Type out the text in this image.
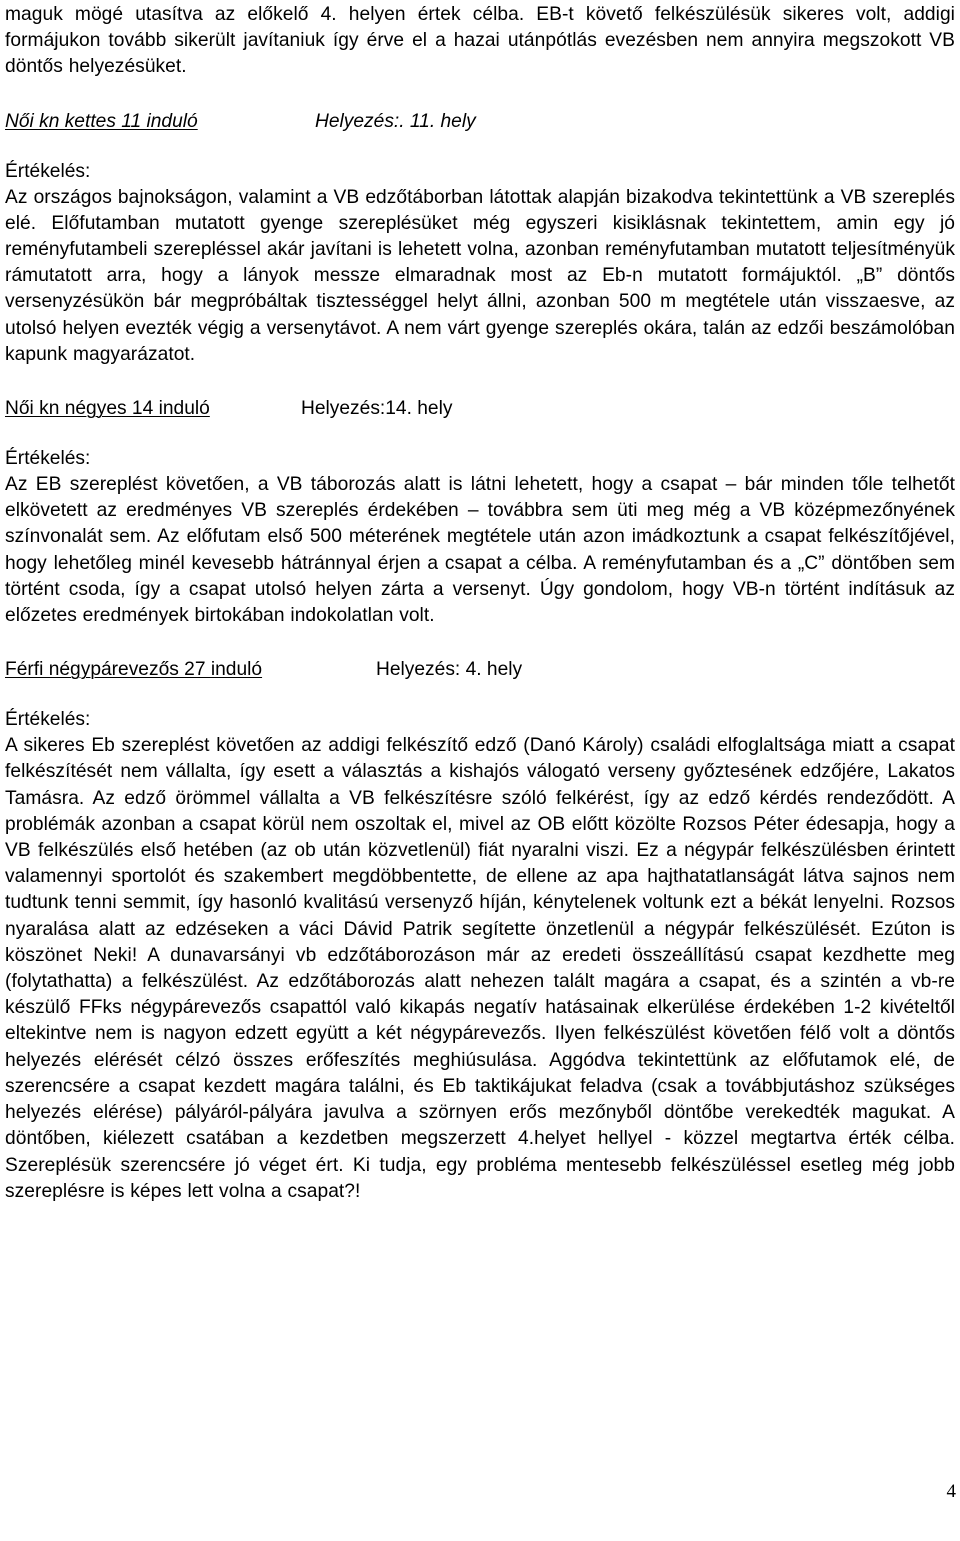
maguk mögé utasítva az előkelő 4. helyen értek célba. EB-t követő felkészülésük sikeres volt, addigi formájukon tovább sikerült javítaniuk így érve el a hazai utánpótlás evezésben nem annyira megszokott VB döntős helyezésüket.

Női kn kettes 11 induló	Helyezés:. 11. hely

Értékelés:

Az országos bajnokságon, valamint a VB edzőtáborban látottak alapján bizakodva tekintettünk a VB szereplés elé. Előfutamban mutatott gyenge szereplésüket még egyszeri kisiklásnak tekintettem, amin egy jó reményfutambeli szerepléssel akár javítani is lehetett volna, azonban reményfutamban mutatott teljesítményük rámutatott arra, hogy a lányok messze elmaradnak most az Eb-n mutatott formájuktól. „B” döntős versenyzésükön bár megpróbáltak tisztességgel helyt állni, azonban 500 m megtétele után visszaesve, az utolsó helyen evezték végig a versenytávot. A nem várt gyenge szereplés okára, talán az edzői beszámolóban kapunk magyarázatot.

Női kn négyes 14 induló	Helyezés:14. hely

Értékelés:

Az EB szereplést követően, a VB táborozás alatt is látni lehetett, hogy a csapat – bár minden tőle telhetőt elkövetett az eredményes VB szereplés érdekében – továbbra sem üti meg még a VB középmezőnyének színvonalát sem. Az előfutam első 500 méterének megtétele után azon imádkoztunk a csapat felkészítőjével, hogy lehetőleg minél kevesebb hátránnyal érjen a csapat a célba. A reményfutamban és a „C” döntőben sem történt csoda, így a csapat utolsó helyen zárta a versenyt. Úgy gondolom, hogy VB-n történt indításuk az előzetes eredmények birtokában indokolatlan volt.

Férfi négypárevezős 27 induló	Helyezés: 4. hely

Értékelés:

A sikeres Eb szereplést követően az addigi felkészítő edző (Danó Károly) családi elfoglaltsága miatt a csapat felkészítését nem vállalta, így esett a választás a kishajós válogató verseny győztesének edzőjére, Lakatos Tamásra. Az edző örömmel vállalta a VB felkészítésre szóló felkérést, így az edző kérdés rendeződött. A problémák azonban a csapat körül nem oszoltak el, mivel az OB előtt közölte Rozsos Péter édesapja, hogy a VB felkészülés első hetében (az ob után közvetlenül) fiát nyaralni viszi. Ez a négypár felkészülésben érintett valamennyi sportolót és szakembert megdöbbentette, de ellene az apa hajthatatlanságát látva sajnos nem tudtunk tenni semmit, így hasonló kvalitású versenyző híján, kénytelenek voltunk ezt a békát lenyelni. Rozsos nyaralása alatt az edzéseken a váci Dávid Patrik segítette önzetlenül a négypár felkészülését. Ezúton is köszönet Neki! A dunavarsányi vb edzőtáborozáson már az eredeti összeállítású csapat kezdhette meg (folytathatta) a felkészülést. Az edzőtáborozás alatt nehezen talált magára a csapat, és a szintén a vb-re készülő FFks négypárevezős csapattól való kikapás negatív hatásainak elkerülése érdekében 1-2 kivételtől eltekintve nem is nagyon edzett együtt a két négypárevezős. Ilyen felkészülést követően félő volt a döntős helyezés elérését célzó összes erőfeszítés meghiúsulása. Aggódva tekintettünk az előfutamok elé, de szerencsére a csapat kezdett magára találni, és Eb taktikájukat feladva (csak a továbbjutáshoz szükséges helyezés elérése) pályáról-pályára javulva a szörnyen erős mezőnyből döntőbe verekedték magukat. A döntőben, kiélezett csatában a kezdetben megszerzett 4.helyet hellyel - közzel megtartva érték célba. Szereplésük szerencsére jó véget ért. Ki tudja, egy probléma mentesebb felkészüléssel esetleg még jobb szereplésre is képes lett volna a csapat?!

4
